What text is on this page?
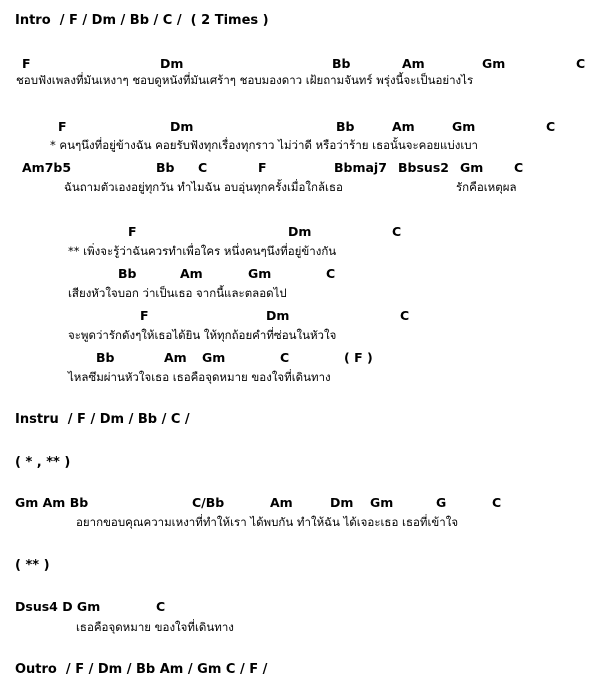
Intro  / F / Dm / Bb / C /  ( 2 Times )
F	Dm	Bb	Am	Gm	C
ชอบฟังเพลงที่มันเหงาๆ ชอบดูหนังที่มันเศร้าๆ ชอบมองดาว เฝ้ยถามจันทร์ พรุ่งนี้จะเป็นอย่างไร
F	Dm	Bb	Am	Gm	C
* คนๆนึงที่อยู่ข้างฉัน คอยรับฟังทุกเรื่องทุกราว ไม่ว่าดี หรือว่าร้าย เธอนั้นจะคอยแบ่งเบา
Am7b5	Bb C	F	Bbmaj7 Bbsus2 Gm C
ฉันถามตัวเองอยู่ทุกวัน ทำไมฉัน อบอุ่นทุกครั้งเมื่อใกล้เธอ	รักคือเหตุผล
F	Dm	C
** เพิ่งจะรู้ว่าฉันควรทำเพื่อใคร หนึ่งคนๆนึงที่อยู่ข้างกัน
Bb	Am	Gm	C
เสียงหัวใจบอก ว่าเป็นเธอ จากนี้และตลอดไป
F	Dm	C
จะพูดว่ารักดังๆให้เธอได้ยิน ให้ทุกถ้อยคำที่ซ่อนในหัวใจ
Bb	Am Gm	C	( F )
ไหลซึมผ่านหัวใจเธอ เธอคือจุดหมาย ของใจที่เดินทาง
Instru  / F / Dm / Bb / C /
( * , ** )
Gm Am Bb	C/Bb	Am	Dm Gm	G	C
อยากขอบคุณความเหงาที่ทำให้เรา ได้พบกัน ทำให้ฉัน ได้เจอะเธอ เธอที่เข้าใจ
( ** )
Dsus4 D Gm	C
เธอคือจุดหมาย ของใจที่เดินทาง
Outro  / F / Dm / Bb Am / Gm C / F /
